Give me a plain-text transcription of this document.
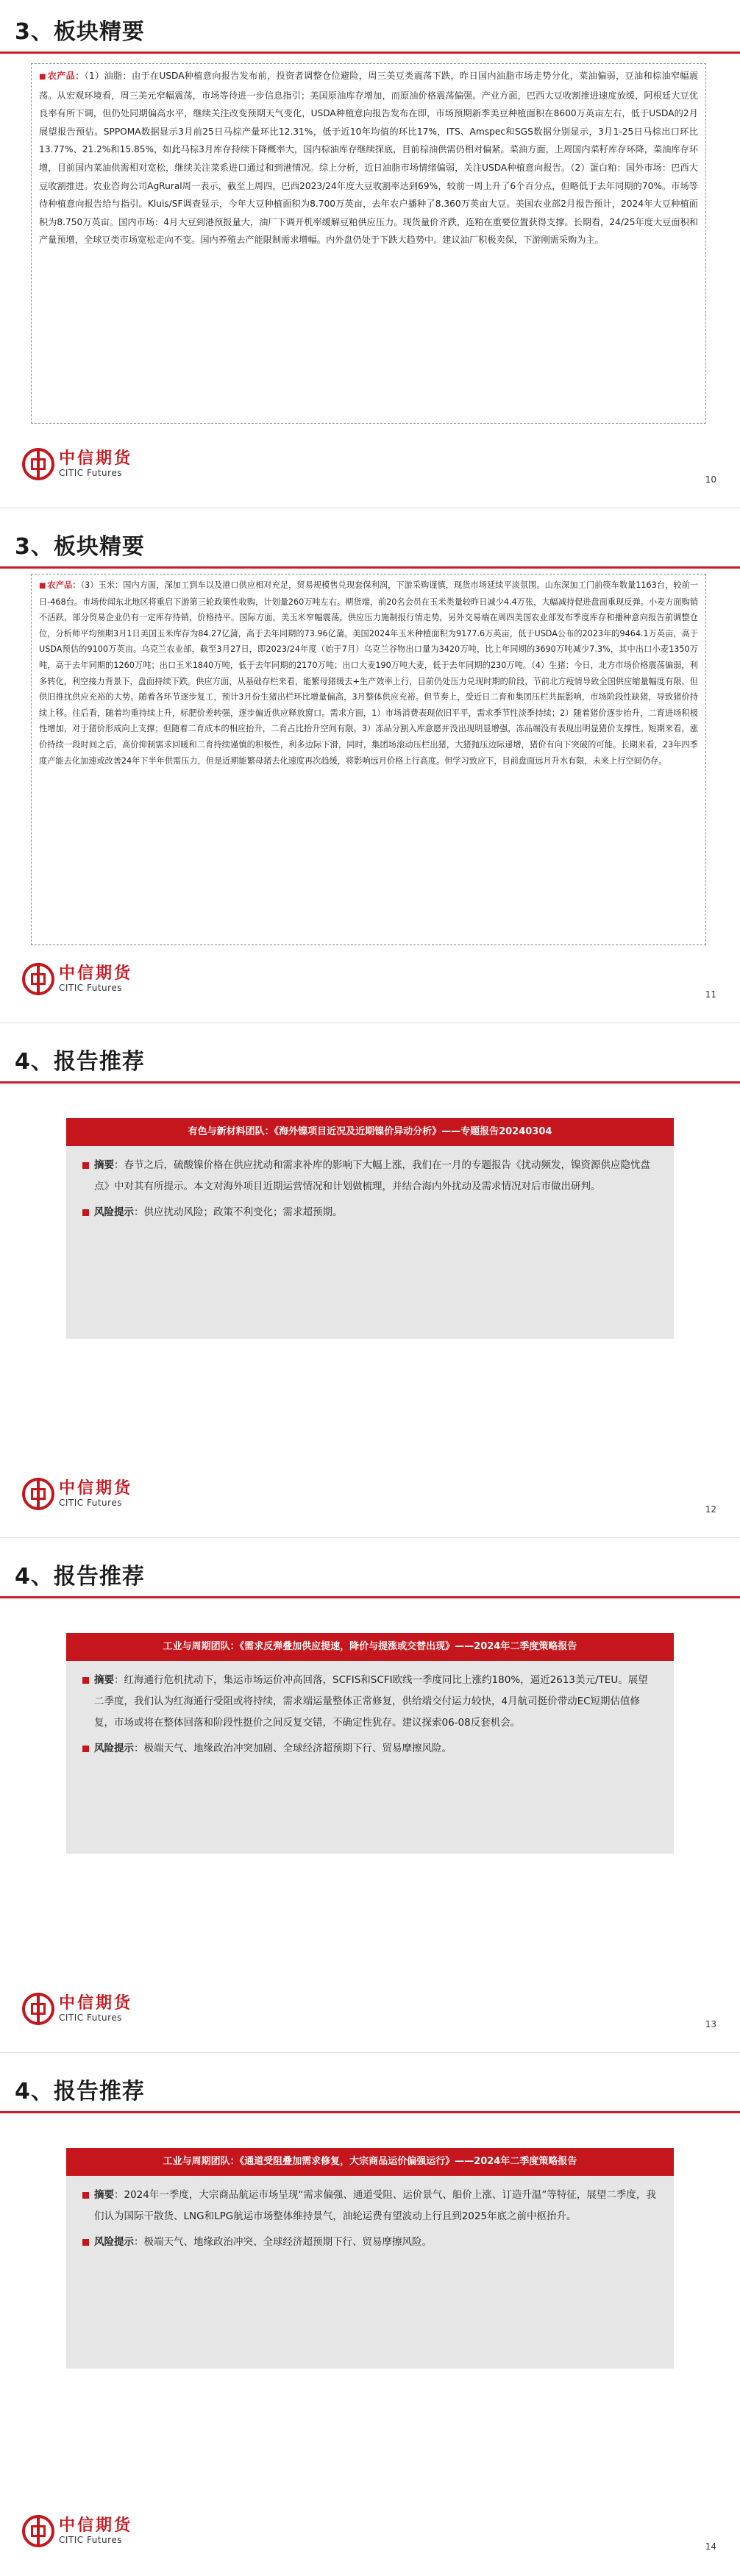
3、板块精要
■ 农产品：（1）油脂：由于在USDA种植意向报告发布前，投资者调整仓位避险，周三美豆类震荡下跌，昨日国内油脂市场走势分化，菜油偏弱，豆油和棕油窄幅震荡。从宏观环境看，周三美元窄幅震荡，市场等待进一步信息指引；美国原油库存增加，而原油价格震荡偏强。产业方面，巴西大豆收割推进速度放缓，阿根廷大豆优良率有所下调，但仍处同期偏高水平，继续关注改变预期天气变化，USDA种植意向报告发布在即，市场预期新季美豆种植面积在8600万英亩左右，低于USDA的2月展望报告预估。SPPOMA数据显示3月前25日马棕产量环比12.31%，低于近10年均值的环比17%，ITS、Amspec和SGS数据分别显示，3月1-25日马棕出口环比13.77%、21.2%和15.85%，如此马棕3月库存持续下降概率大，国内棕油库存继续探底，目前棕油供需仍相对偏紧。菜油方面，上周国内菜籽库存环降，菜油库存环增，目前国内菜油供需相对宽松，继续关注菜系进口通过和到港情况。综上分析，近日油脂市场情绪偏弱，关注USDA种植意向报告。（2）蛋白粕：国外市场：巴西大豆收割推进。农业咨询公司AgRural周一表示，截至上周四，巴西2023/24年度大豆收割率达到69%，较前一周上升了6个百分点，但略低于去年同期的70%。市场等待种植意向报告给与指引。Kluis/SF调查显示，今年大豆种植面积为8.700万英亩，去年农户播种了8.360万英亩大豆。美国农业部2月报告预计，2024年大豆种植面积为8.750万英亩。国内市场：4月大豆到港预报量大，油厂下调开机率缓解豆粕供应压力。现货量价齐跌，连粕在重要位置获得支撑。长期看，24/25年度大豆面积和产量预增，全球豆类市场宽松走向不变。国内养殖去产能限制需求增幅。内外盘仍处于下跌大趋势中。建议油厂积极卖保，下游刚需采购为主。
中信期货
CITIC Futures
10
3、板块精要
■ 农产品：（3）玉米：国内方面，深加工到车以及港口供应相对充足，贸易规模售兑现套保利润，下游采购谨慎，现货市场延续平淡氛围。山东深加工门前筷车数量1163台，较前一日-468台。市场传闻东北地区将重启下游第三轮政策性收购，计划量260万吨左右。期货端，前20名会员在玉米类量较昨日减少4.4万张，大幅减持促进盘面重现反弹。小麦方面购销不活跃，部分贸易企业仍有一定库存待销，价格持平。国际方面，美玉米窄幅震荡，供应压力施制报行情走势，另外交易端在周四美国农业部发布季度库存和播种意向报告前调整仓位，分析师平均预期3月1日美国玉米库存为84.27亿蒲，高于去年同期的73.96亿蒲。美国2024年玉米种植面积为9177.6万英亩，低于USDA公布的2023年的9464.1万英亩，高于USDA预估的9100万英亩。乌克兰农业部，截至3月27日，即2023/24年度（始于7月）乌克兰谷物出口量为3420万吨，比上年同期的3690万吨减少7.3%，其中出口小麦1350万吨，高于去年同期的1260万吨；出口玉米1840万吨，低于去年同期的2170万吨；出口大麦190万吨大麦，低于去年同期的230万吨。（4）生猪：今日，北方市场价格震荡偏弱，利多转化，利空接力背景下，盘面持续下跌。供应方面，从基础存栏来看，能繁母猪缓去+生产效率上行，目前仍处压力兑现时期的阶段，节前北方疫情导致全国供应缩量幅度有限，但供旧推扰供应充裕的大势。随着各环节逐步复工，预计3月份生猪出栏环比增量偏高，3月整体供应充裕。但节奏上，受近日二育和集团压栏共振影响，市场阶段性缺猪，导致猪价持续上移。往后看，随着均重持续上升，标肥价差转强，逐步偏近供应释放窗口。需求方面，1）市场消费表现依旧平平，需求季节性淡季持续；2）随着猪价逐步抬升，二育进场积极性增加，对于猪价形成向上支撑；但随着二育成本的相应抬升，二育占比抬升空间有限。3）冻品分割入库意愿并没出现明显增强，冻品端没有表现出明显猪价支撑性。短期来看，涨价持续一段时间之后，高价抑制需求回暖和二育持续谨慎的积极性，利多边际下滑，同时，集团场滚动压栏出猪，大猪抛压边际递增，猪价有向下突破的可能。长期来看，23年四季度产能去化加速或改善24年下半年供需压力，但是近期能繁母猪去化速度再次趋缓，将影响远月价格上行高度。但学习致应下，目前盘面远月升水有限，未来上行空间仍存。
中信期货
CITIC Futures
11
4、报告推荐
有色与新材料团队：《海外镍项目近况及近期镍价异动分析》——专题报告20240304
摘要：春节之后，硫酸镍价格在供应扰动和需求补库的影响下大幅上涨，我们在一月的专题报告《扰动频发，镍资源供应隐忧盘点》中对其有所提示。本文对海外项目近期运营情况和计划做梳理，并结合海内外扰动及需求情况对后市做出研判。
风险提示：供应扰动风险；政策不利变化；需求超预期。
中信期货
CITIC Futures
12
4、报告推荐
工业与周期团队：《需求反弹叠加供应提速，降价与提涨或交替出现》——2024年二季度策略报告
摘要：红海通行危机扰动下，集运市场运价冲高回落，SCFIS和SCFI欧线一季度同比上涨约180%，逼近2613美元/TEU。展望二季度，我们认为红海通行受阻或将持续，需求端运量整体正常修复，供给端交付运力较快，4月航司挺价带动EC短期估值修复，市场或将在整体回落和阶段性挺价之间反复交错，不确定性犹存。建议探索06-08反套机会。
风险提示：极端天气、地缘政治冲突加剧、全球经济超预期下行、贸易摩擦风险。
中信期货
CITIC Futures
13
4、报告推荐
工业与周期团队：《通道受阻叠加需求修复，大宗商品运价偏强运行》——2024年二季度策略报告
摘要：2024年一季度，大宗商品航运市场呈现“需求偏强、通道受阻、运价景气、船价上涨、订造升温”等特征，展望二季度，我们认为国际干散货、LNG和LPG航运市场整体维持景气，油轮运费有望波动上行且到2025年底之前中枢抬升。
风险提示：极端天气、地缘政治冲突、全球经济超预期下行、贸易摩擦风险。
中信期货
CITIC Futures
14
